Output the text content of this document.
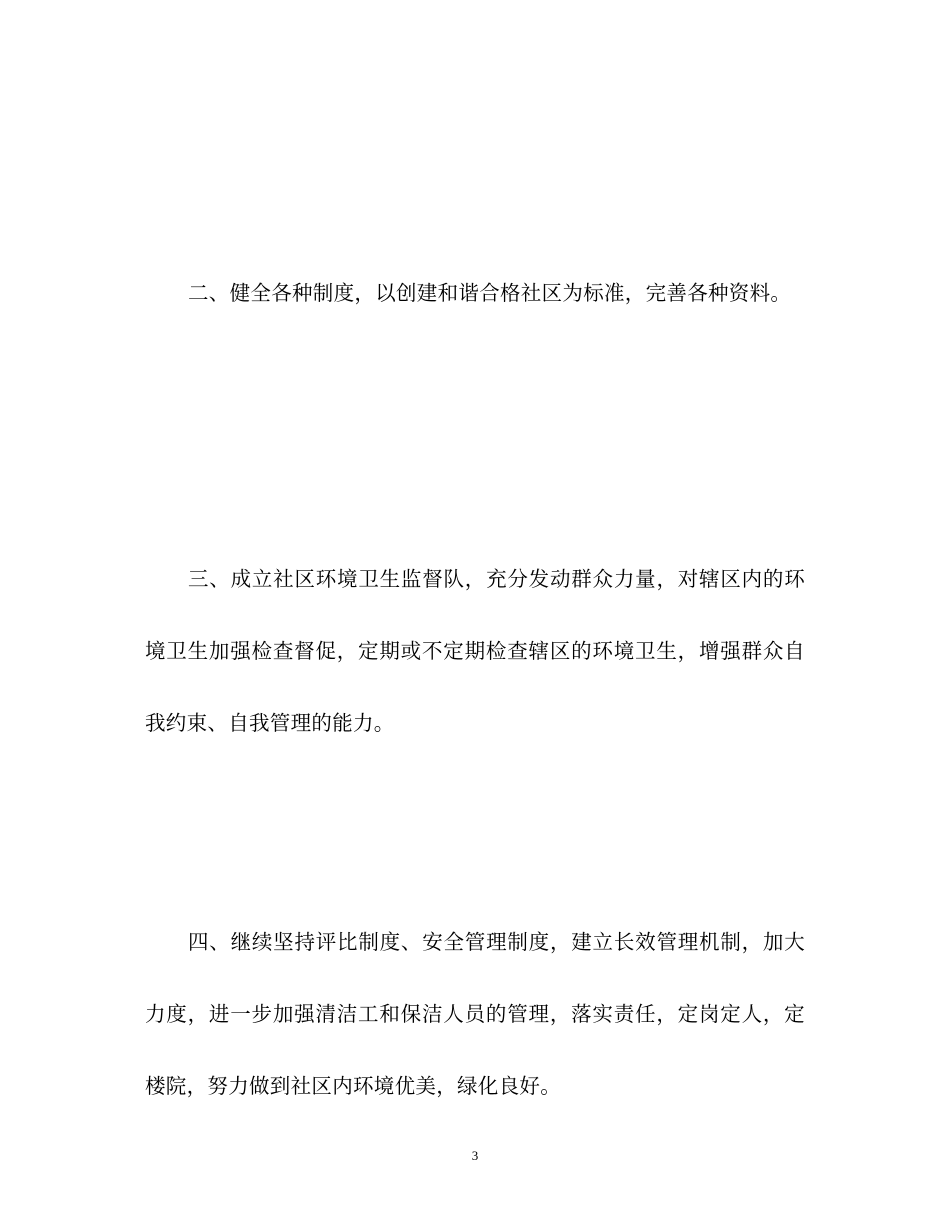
二、健全各种制度，以创建和谐合格社区为标准，完善各种资料。

三、成立社区环境卫生监督队，充分发动群众力量，对辖区内的环境卫生加强检查督促，定期或不定期检查辖区的环境卫生，增强群众自我约束、自我管理的能力。

四、继续坚持评比制度、安全管理制度，建立长效管理机制，加大力度，进一步加强清洁工和保洁人员的管理，落实责任，定岗定人，定楼院，努力做到社区内环境优美，绿化良好。

3
